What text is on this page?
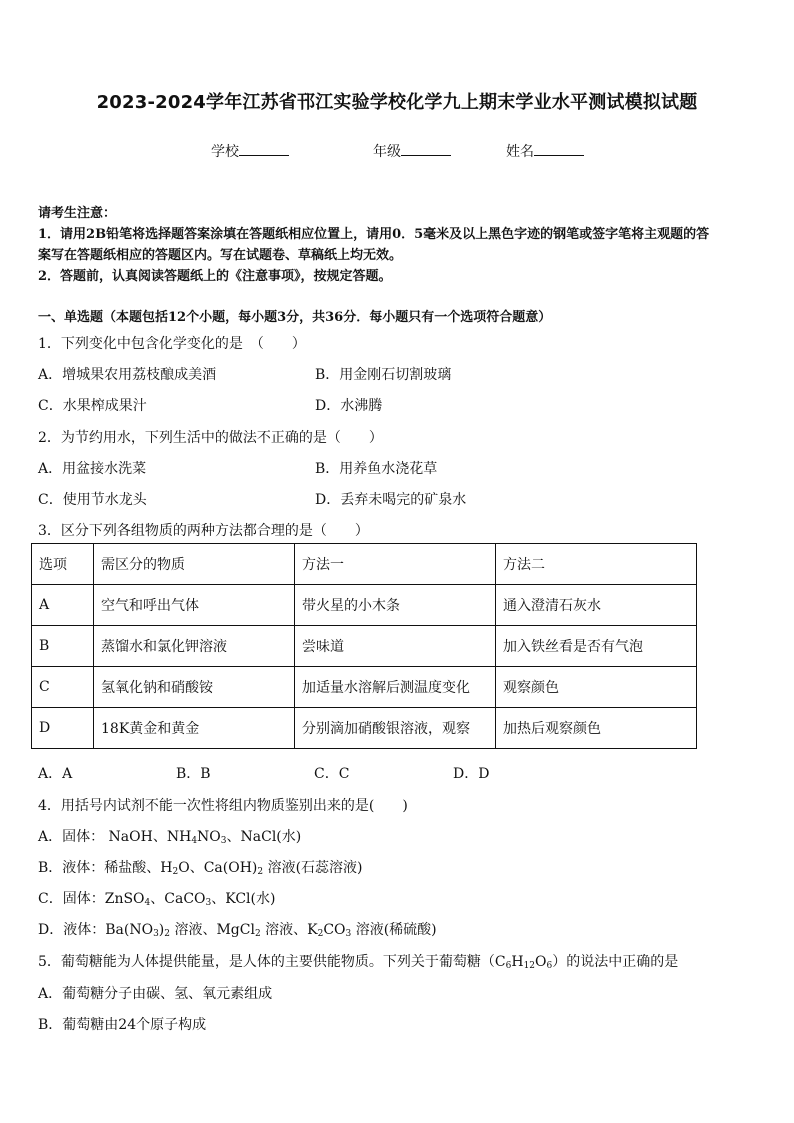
2023-2024学年江苏省邗江实验学校化学九上期末学业水平测试模拟试题
学校	年级	姓名
请考生注意：
1．请用2B铅笔将选择题答案涂填在答题纸相应位置上，请用0．5毫米及以上黑色字迹的钢笔或签字笔将主观题的答
案写在答题纸相应的答题区内。写在试题卷、草稿纸上均无效。
2．答题前，认真阅读答题纸上的《注意事项》，按规定答题。
一、单选题（本题包括12个小题，每小题3分，共36分．每小题只有一个选项符合题意）
1．下列变化中包含化学变化的是　（　　）
A．增城果农用荔枝酿成美酒	B．用金刚石切割玻璃
C．水果榨成果汁	D．水沸腾
2．为节约用水，下列生活中的做法不正确的是（　　）
A．用盆接水洗菜	B．用养鱼水浇花草
C．使用节水龙头	D．丢弃未喝完的矿泉水
3．区分下列各组物质的两种方法都合理的是（　　）
选项	需区分的物质	方法一	方法二
A	空气和呼出气体	带火星的小木条	通入澄清石灰水
B	蒸馏水和氯化钾溶液	尝味道	加入铁丝看是否有气泡
C	氢氧化钠和硝酸铵	加适量水溶解后测温度变化	观察颜色
D	18K黄金和黄金	分别滴加硝酸银溶液，观察	加热后观察颜色
A．A	B．B	C．C	D．D
4．用括号内试剂不能一次性将组内物质鉴别出来的是(　　)
A．固体： NaOH、$NH_4NO_3$、NaCl(水)
B．液体：稀盐酸、$H_2O$、$Ca(OH)_2$ 溶液(石蕊溶液)
C．固体：ZnSO$_4$、CaCO$_3$、KCl(水)
D．液体：$Ba(NO_3)_2$ 溶液、MgCl$_2$ 溶液、$K_2CO_3$ 溶液(稀硫酸)
5．葡萄糖能为人体提供能量，是人体的主要供能物质。下列关于葡萄糖$(C_6H_{12}O_6)$的说法中正确的是
A．葡萄糖分子由碳、氢、氧元素组成
B．葡萄糖由24个原子构成
